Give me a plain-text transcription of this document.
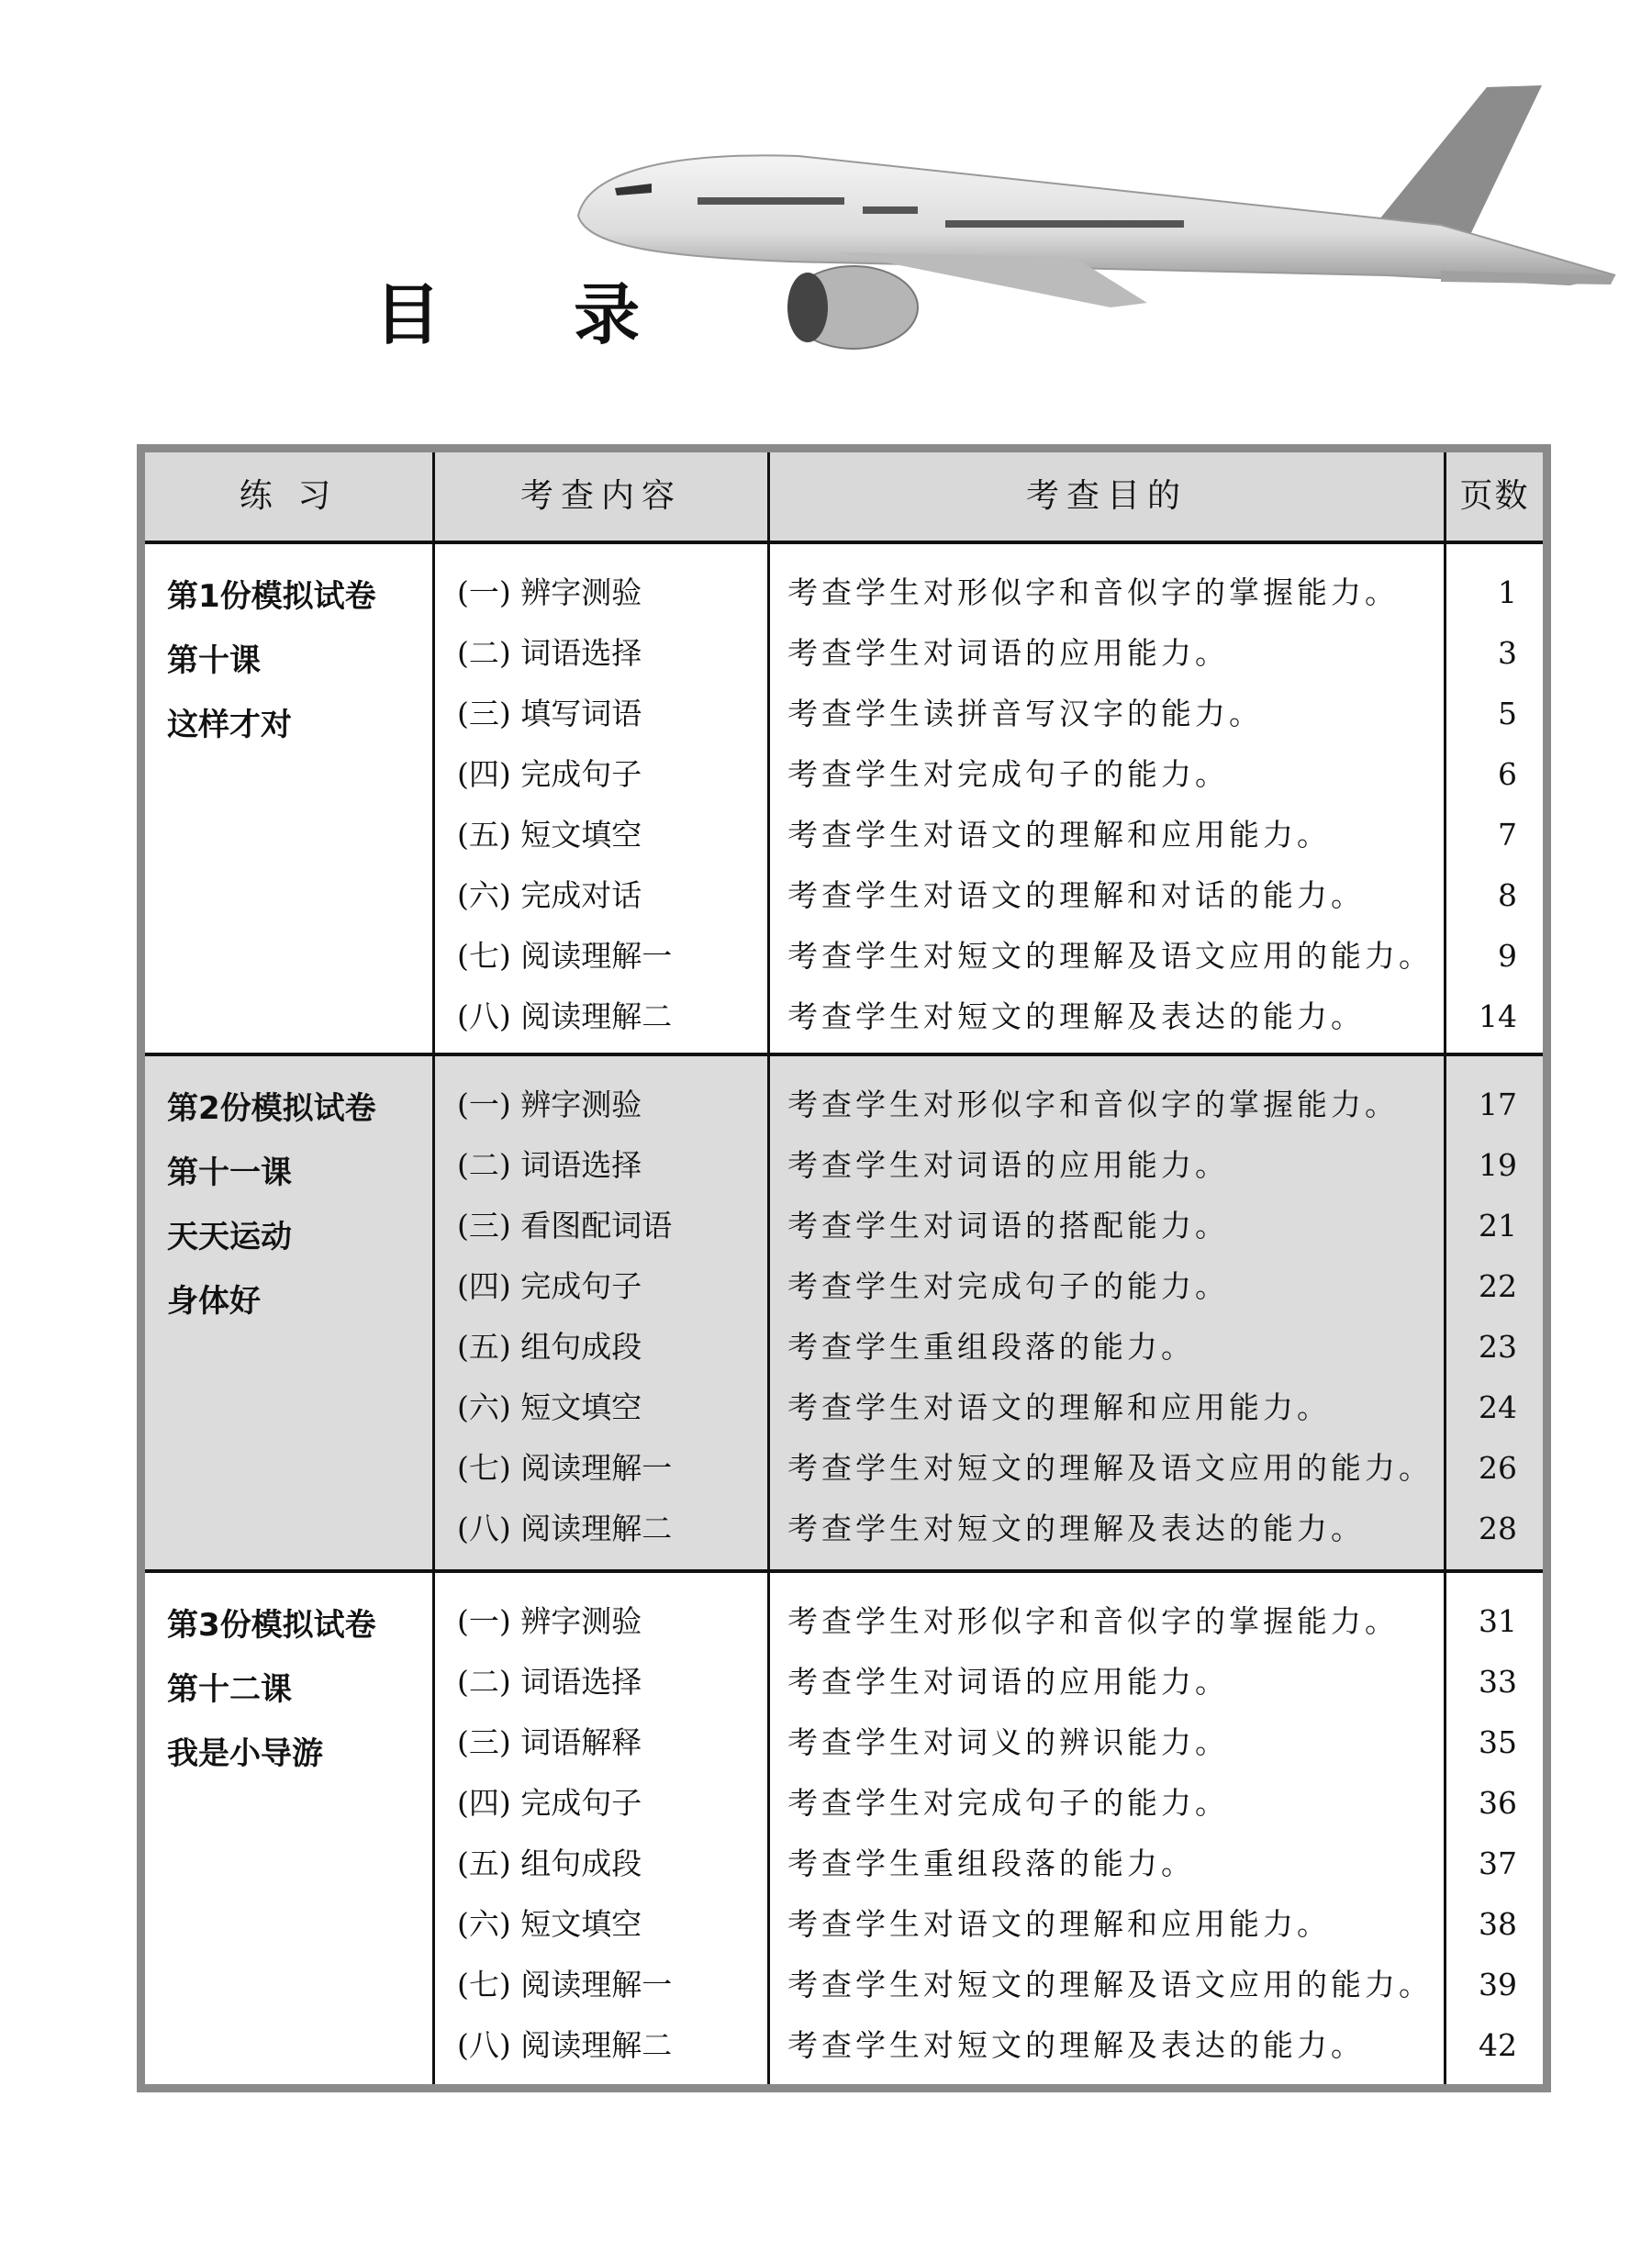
目 录
练 习	考查内容	考查目的	页数
第1份模拟试卷
第十课
这样才对
(一) 辨字测验	考查学生对形似字和音似字的掌握能力。	1
(二) 词语选择	考查学生对词语的应用能力。	3
(三) 填写词语	考查学生读拼音写汉字的能力。	5
(四) 完成句子	考查学生对完成句子的能力。	6
(五) 短文填空	考查学生对语文的理解和应用能力。	7
(六) 完成对话	考查学生对语文的理解和对话的能力。	8
(七) 阅读理解一	考查学生对短文的理解及语文应用的能力。	9
(八) 阅读理解二	考查学生对短文的理解及表达的能力。	14
第2份模拟试卷
第十一课
天天运动
身体好
(一) 辨字测验	考查学生对形似字和音似字的掌握能力。	17
(二) 词语选择	考查学生对词语的应用能力。	19
(三) 看图配词语	考查学生对词语的搭配能力。	21
(四) 完成句子	考查学生对完成句子的能力。	22
(五) 组句成段	考查学生重组段落的能力。	23
(六) 短文填空	考查学生对语文的理解和应用能力。	24
(七) 阅读理解一	考查学生对短文的理解及语文应用的能力。	26
(八) 阅读理解二	考查学生对短文的理解及表达的能力。	28
第3份模拟试卷
第十二课
我是小导游
(一) 辨字测验	考查学生对形似字和音似字的掌握能力。	31
(二) 词语选择	考查学生对词语的应用能力。	33
(三) 词语解释	考查学生对词义的辨识能力。	35
(四) 完成句子	考查学生对完成句子的能力。	36
(五) 组句成段	考查学生重组段落的能力。	37
(六) 短文填空	考查学生对语文的理解和应用能力。	38
(七) 阅读理解一	考查学生对短文的理解及语文应用的能力。	39
(八) 阅读理解二	考查学生对短文的理解及表达的能力。	42
